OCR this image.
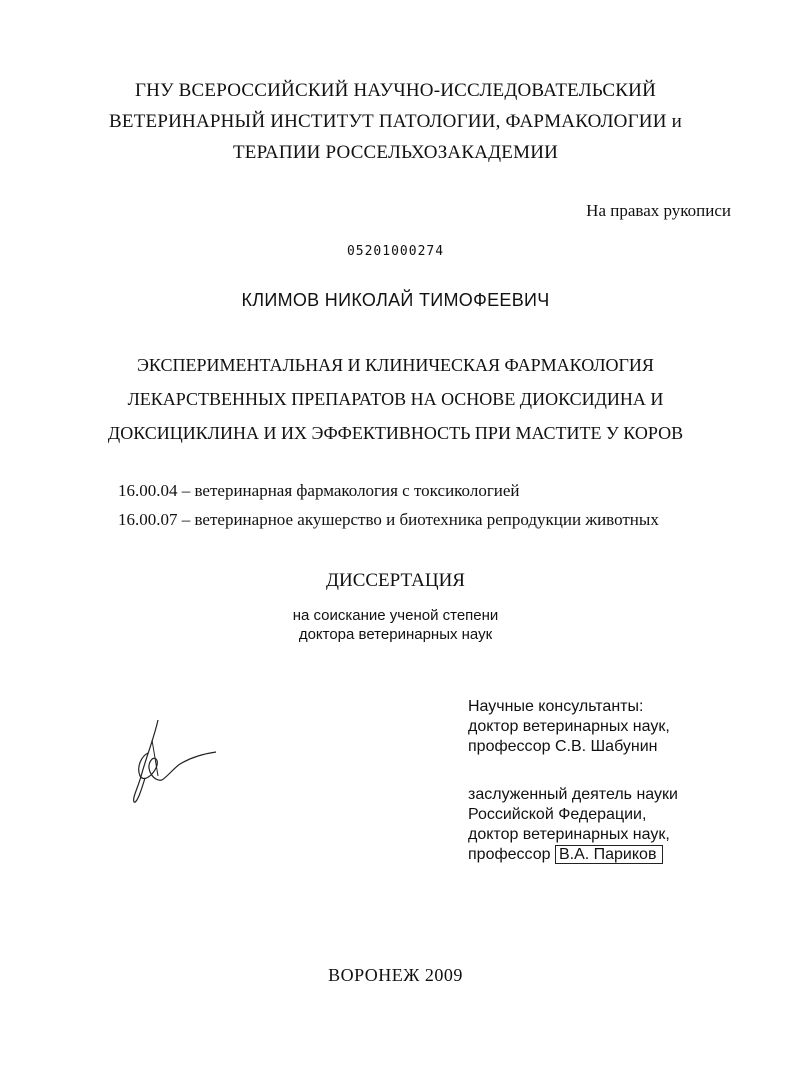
ГНУ ВСЕРОССИЙСКИЙ НАУЧНО-ИССЛЕДОВАТЕЛЬСКИЙ
ВЕТЕРИНАРНЫЙ ИНСТИТУТ ПАТОЛОГИИ, ФАРМАКОЛОГИИ и
ТЕРАПИИ РОССЕЛЬХОЗАКАДЕМИИ
На правах рукописи
05201000274
КЛИМОВ НИКОЛАЙ ТИМОФЕЕВИЧ
ЭКСПЕРИМЕНТАЛЬНАЯ И КЛИНИЧЕСКАЯ ФАРМАКОЛОГИЯ
ЛЕКАРСТВЕННЫХ ПРЕПАРАТОВ НА ОСНОВЕ ДИОКСИДИНА И
ДОКСИЦИКЛИНА И ИХ ЭФФЕКТИВНОСТЬ ПРИ МАСТИТЕ У КОРОВ
16.00.04 – ветеринарная фармакология с токсикологией
16.00.07 – ветеринарное акушерство и биотехника репродукции животных
ДИССЕРТАЦИЯ
на соискание ученой степени
доктора ветеринарных наук
Научные консультанты:
доктор ветеринарных наук,
профессор С.В. Шабунин
заслуженный деятель науки
Российской Федерации,
доктор ветеринарных наук,
профессор В.А. Париков
ВОРОНЕЖ 2009
